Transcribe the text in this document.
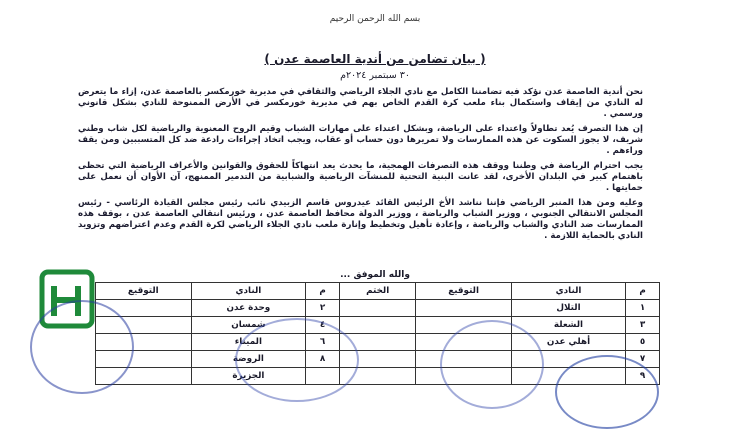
بسم الله الرحمن الرحيم
( بيان تضامن من أندية العاصمة عدن )
٣٠ سبتمبر ٢٠٢٤م

نحن أندية العاصمة عدن نؤكد فيه تضامننا الكامل مع نادي الجلاء الرياضي والثقافي في مديرية خورمكسر بالعاصمة عدن، إزاء ما يتعرض له النادي من إيقاف واستكمال بناء ملعب كرة القدم الخاص بهم في مديرية خورمكسر في الأرض الممنوحة للنادي بشكل قانوني ورسمي .

إن هذا التصرف يُعد تطاولاً واعتداء على الرياضة، وبشكل اعتداء على مهارات الشباب وقيم الروح المعنوية والرياضية لكل شاب وطني شريف، لا يجوز السكوت عن هذه الممارسات ولا تمريرها دون حساب أو عقاب، ويجب اتخاذ إجراءات رادعة ضد كل المتسببين ومن يقف وراءهم .

يجب احترام الرياضة في وطننا ووقف هذه التصرفات الهمجية، ما يحدث يعد انتهاكاً للحقوق والقوانين والأعراف الرياضية التي تحظى باهتمام كبير في البلدان الأخرى، لقد عانت البنية التحتية للمنشآت الرياضية والشبابية من التدمير الممنهج، آن الأوان أن نعمل على حمايتها .

وعليه ومن هذا المنبر الرياضي فإننا نناشد الأخ الرئيس القائد عيدروس قاسم الزبيدي نائب رئيس مجلس القيادة الرئاسي - رئيس المجلس الانتقالي الجنوبي ، ووزير الشباب والرياضة ، ووزير الدولة محافظ العاصمة عدن ، ورئيس انتقالي العاصمة عدن ، بوقف هذه الممارسات ضد النادي والشباب والرياضة ، وإعادة تأهيل وتخطيط وإنارة ملعب نادي الجلاء الرياضي لكرة القدم وعدم اعتراضهم وتزويد النادي بالحماية اللازمة .

والله الموفق ...
م	النادي	التوقيع	الختم	م	النادي	التوقيع
١	التلال			٢	وحدة عدن	
٣	الشعلة			٤	شمسان	
٥	أهلي عدن			٦	الميناء	
٧				٨	الروضة	
٩					الجزيرة	
